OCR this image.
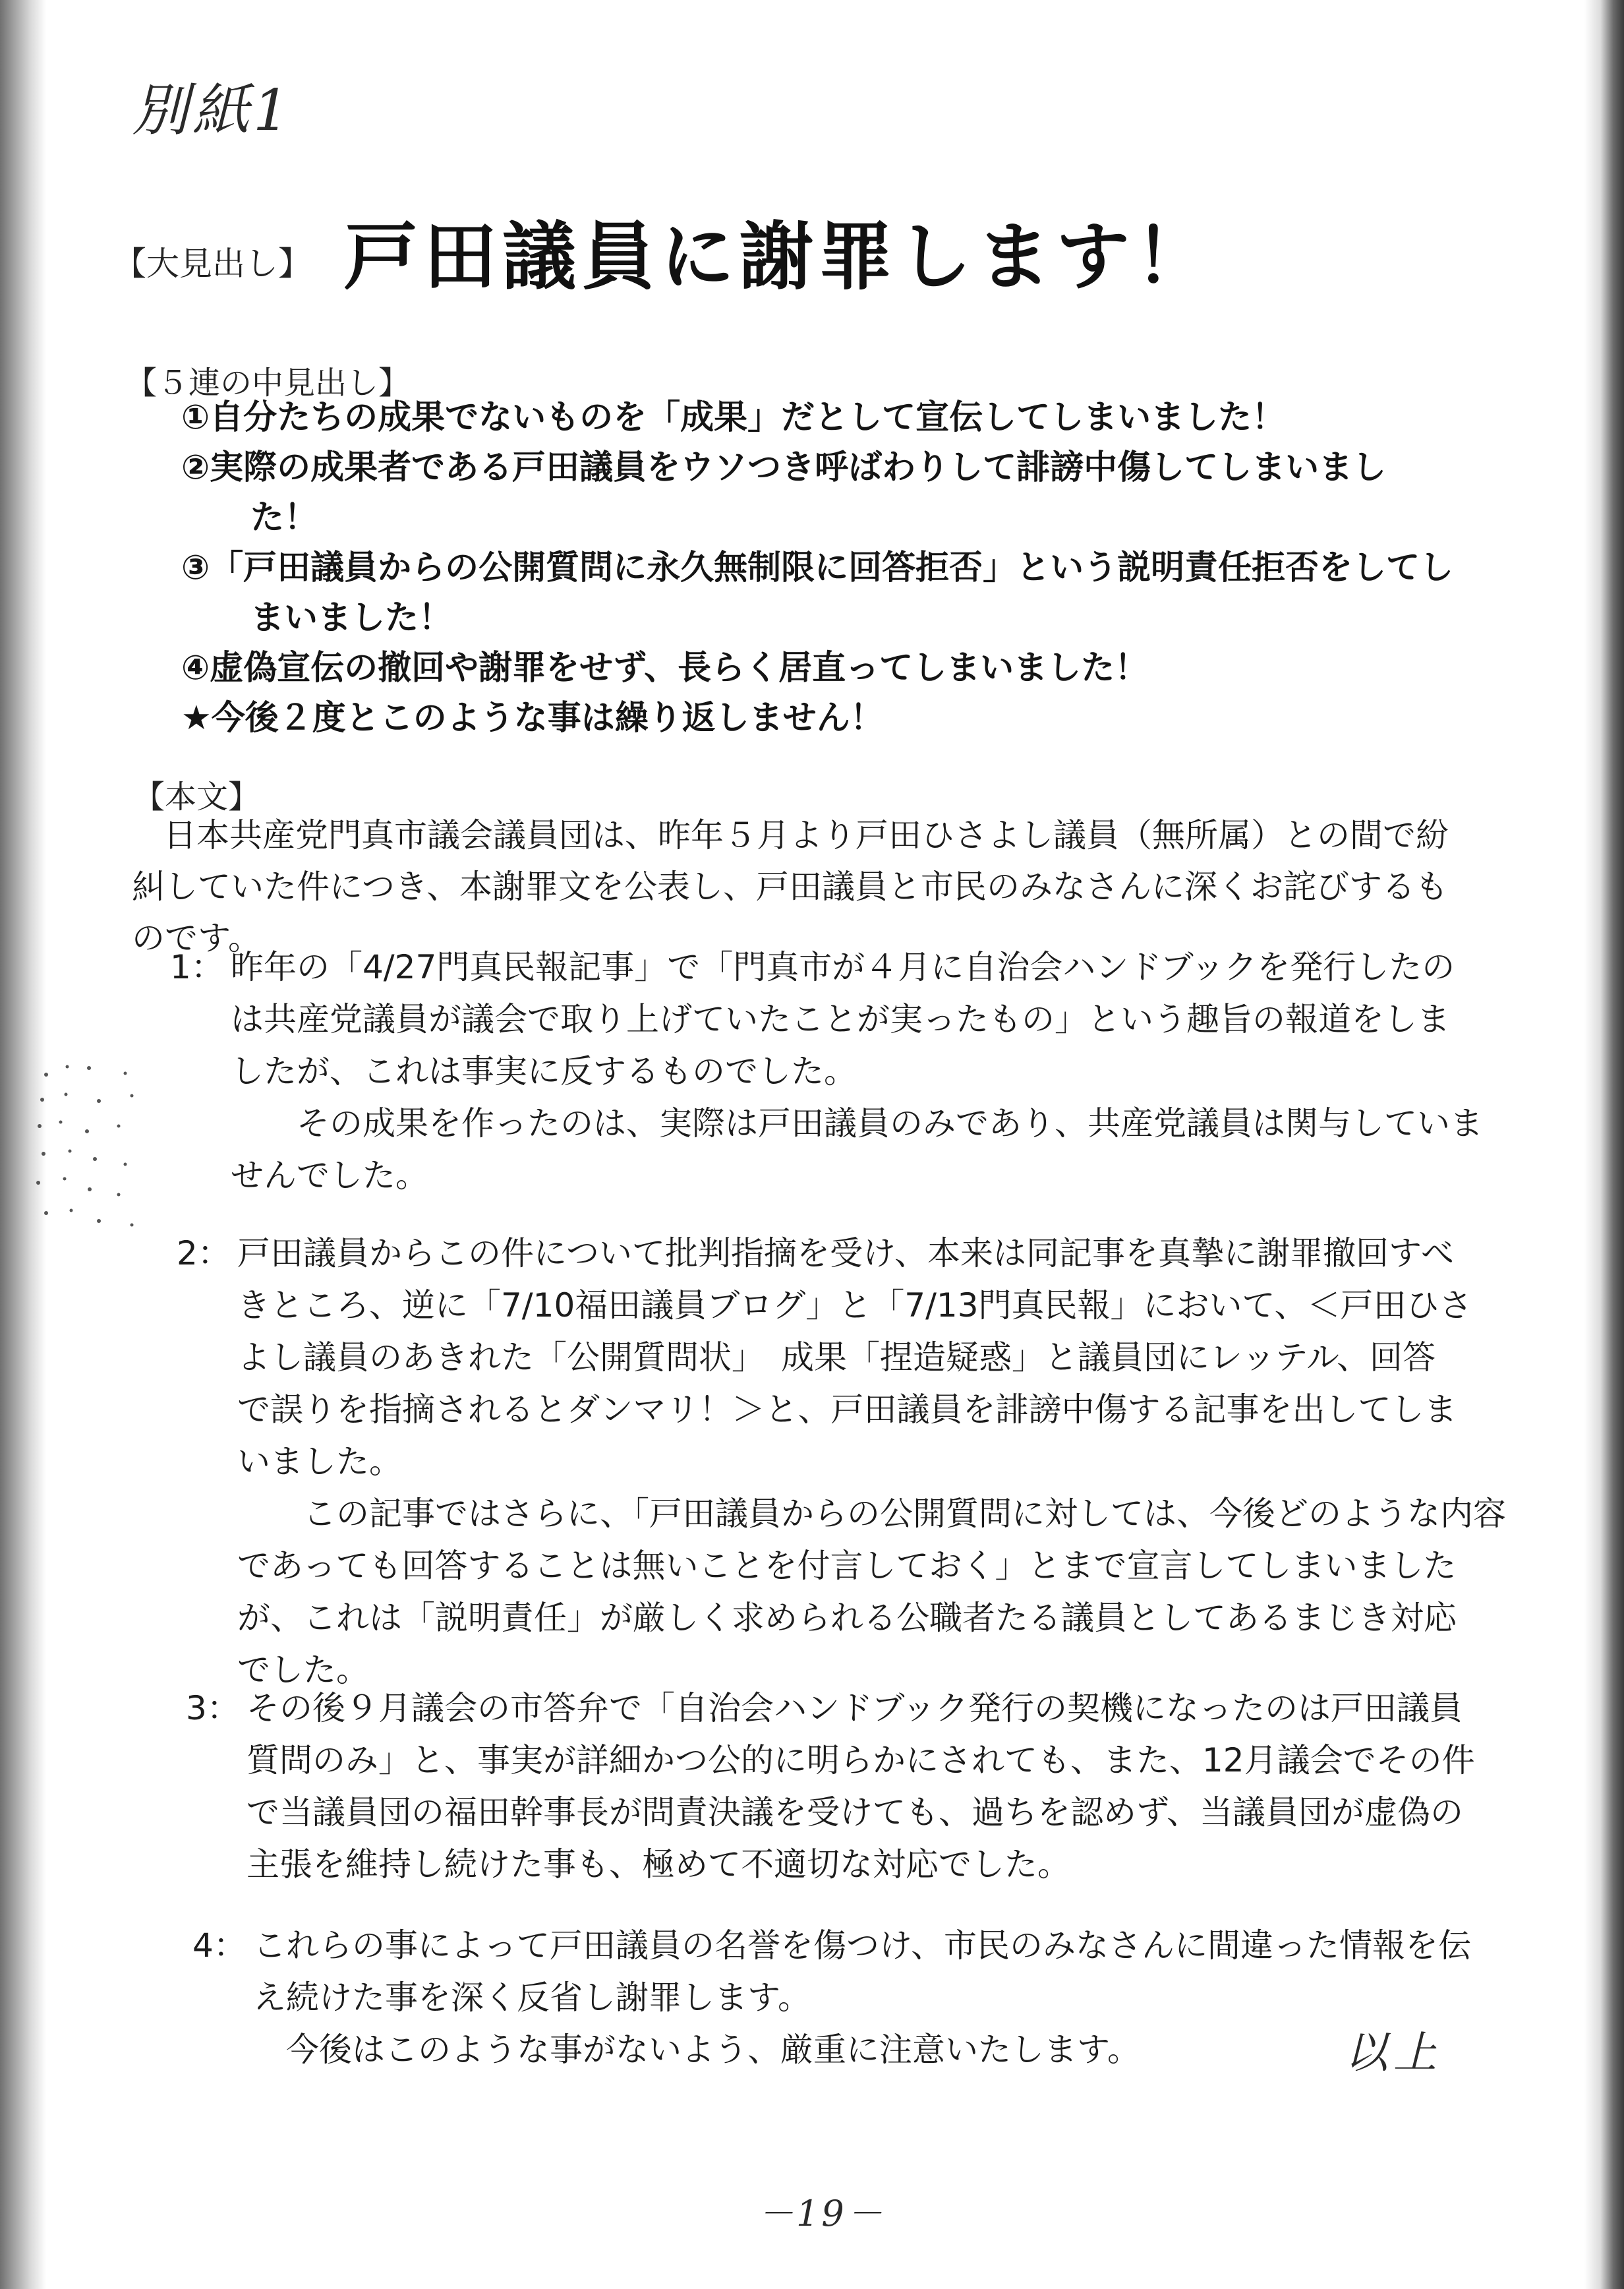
別紙1
【大見出し】 戸田議員に謝罪します！
【５連の中見出し】
①自分たちの成果でないものを「成果」だとして宣伝してしまいました！
②実際の成果者である戸田議員をウソつき呼ばわりして誹謗中傷してしまいまし
た！
③「戸田議員からの公開質問に永久無制限に回答拒否」という説明責任拒否をしてし
まいました！
④虚偽宣伝の撤回や謝罪をせず、長らく居直ってしまいました！
★今後２度とこのような事は繰り返しません！
【本文】
日本共産党門真市議会議員団は、昨年５月より戸田ひさよし議員（無所属）との間で紛
糾していた件につき、本謝罪文を公表し、戸田議員と市民のみなさんに深くお詫びするも
のです。
1： 昨年の「4/27門真民報記事」で「門真市が４月に自治会ハンドブックを発行したの
は共産党議員が議会で取り上げていたことが実ったもの」という趣旨の報道をしま
したが、これは事実に反するものでした。
その成果を作ったのは、実際は戸田議員のみであり、共産党議員は関与していま
せんでした。
2： 戸田議員からこの件について批判指摘を受け、本来は同記事を真摯に謝罪撤回すべ
きところ、逆に「7/10福田議員ブログ」と「7/13門真民報」において、＜戸田ひさ
よし議員のあきれた「公開質問状」　成果「捏造疑惑」と議員団にレッテル、回答
で誤りを指摘されるとダンマリ！＞と、戸田議員を誹謗中傷する記事を出してしま
いました。
この記事ではさらに、「戸田議員からの公開質問に対しては、今後どのような内容
であっても回答することは無いことを付言しておく」とまで宣言してしまいました
が、これは「説明責任」が厳しく求められる公職者たる議員としてあるまじき対応
でした。
3： その後９月議会の市答弁で「自治会ハンドブック発行の契機になったのは戸田議員
質問のみ」と、事実が詳細かつ公的に明らかにされても、また、12月議会でその件
で当議員団の福田幹事長が問責決議を受けても、過ちを認めず、当議員団が虚偽の
主張を維持し続けた事も、極めて不適切な対応でした。
4： これらの事によって戸田議員の名誉を傷つけ、市民のみなさんに間違った情報を伝
え続けた事を深く反省し謝罪します。
今後はこのような事がないよう、厳重に注意いたします。	以上
－19－
